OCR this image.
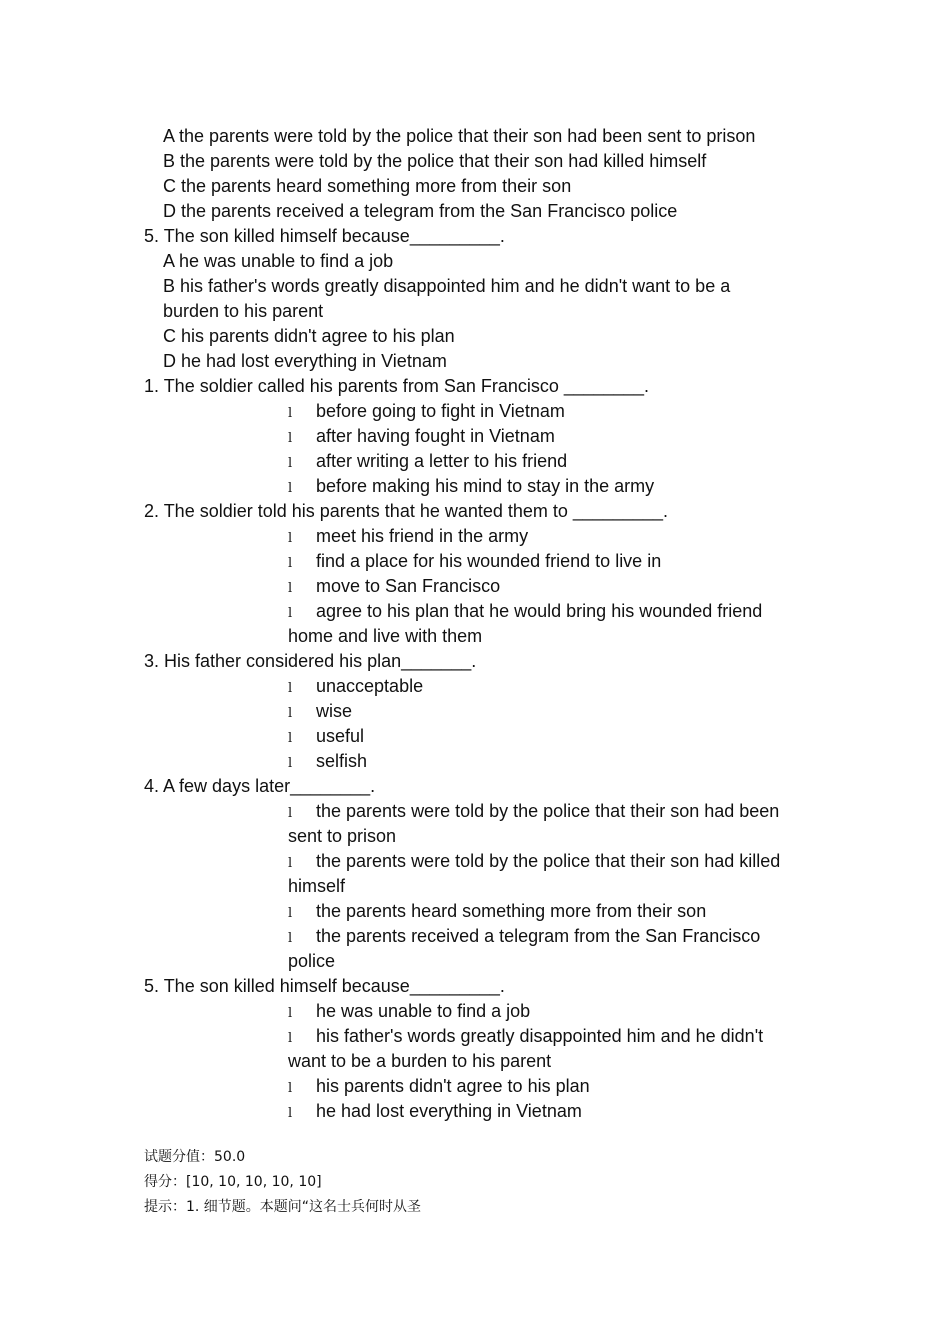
A the parents were told by the police that their son had been sent to prison
B the parents were told by the police that their son had killed himself
C the parents heard something more from their son
D the parents received a telegram from the San Francisco police
5. The son killed himself because_________.
A he was unable to find a job
B his father's words greatly disappointed him and he didn't want to be a
burden to his parent
C his parents didn't agree to his plan
D he had lost everything in Vietnam
1. The soldier called his parents from San Francisco ________.
l before going to fight in Vietnam
l after having fought in Vietnam
l after writing a letter to his friend
l before making his mind to stay in the army
2. The soldier told his parents that he wanted them to _________.
l meet his friend in the army
l find a place for his wounded friend to live in
l move to San Francisco
l agree to his plan that he would bring his wounded friend
home and live with them
3. His father considered his plan_______.
l unacceptable
l wise
l useful
l selfish
4. A few days later________.
l the parents were told by the police that their son had been
sent to prison
l the parents were told by the police that their son had killed
himself
l the parents heard something more from their son
l the parents received a telegram from the San Francisco
police
5. The son killed himself because_________.
l he was unable to find a job
l his father's words greatly disappointed him and he didn't
want to be a burden to his parent
l his parents didn't agree to his plan
l he had lost everything in Vietnam
试题分值：50.0
得分：[10, 10, 10, 10, 10]
提示：1. 细节题。本题问“这名士兵何时从圣
